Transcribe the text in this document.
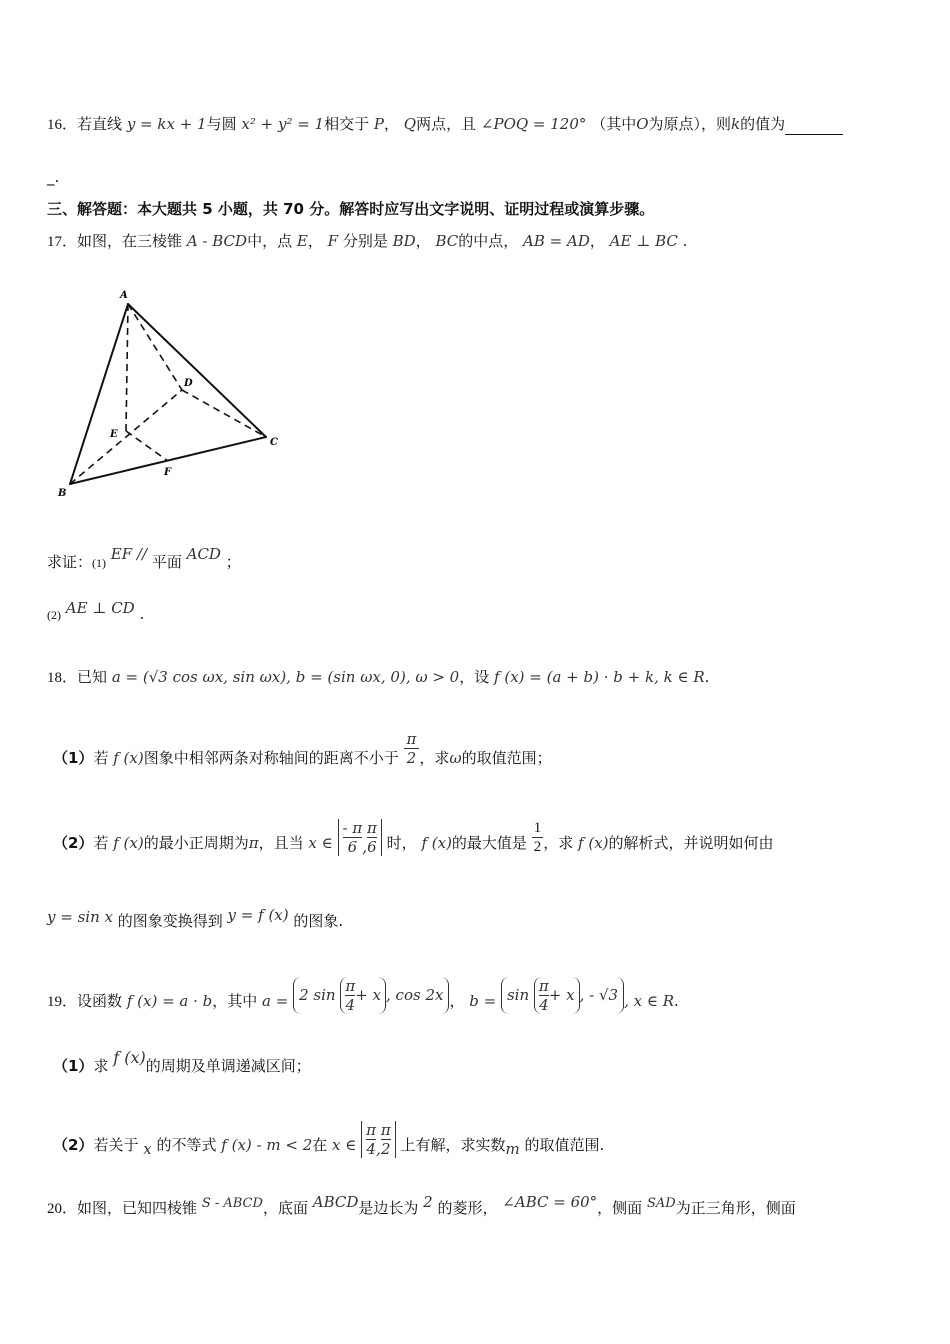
16．若直线 y = kx + 1与圆 x² + y² = 1相交于 P， Q两点，且 ∠POQ = 120° （其中O为原点），则k的值为
_.
三、解答题：本大题共 5 小题，共 70 分。解答时应写出文字说明、证明过程或演算步骤。
17．如图，在三棱锥 A - BCD中，点 E， F 分别是 BD， BC的中点， AB = AD， AE ⊥ BC .
A
D
E
C
F
B
求证：(1) EF // 平面 ACD ；
(2) AE ⊥ CD .
18．已知 a = (√3 cos ωx, sin ωx), b = (sin ωx, 0), ω > 0，设 f (x) = (a + b) · b + k, k ∈ R.
（1）若 f (x)图象中相邻两条对称轴间的距离不小于 $\frac{\pi}{2}$ ，求ω的取值范围；
（2）若 f (x)的最小正周期为π，且当 x ∈ $\frac{- \pi}{6}$ , $\frac{\pi}{6}$ 时， f (x)的最大值是 $\frac{1}{2}$ ，求 f (x)的解析式，并说明如何由
y = sin x 的图象变换得到 y = f (x) 的图象.
19．设函数 f (x) = a · b，其中 a = 2 $\sin \frac{\pi}{4} + x$ , cos 2x ， $b = \sin \frac{\pi}{4} + x$ , - √3 , x ∈ R.
（1）求 f (x)的周期及单调递减区间；
（2）若关于 x 的不等式 f (x) - m < 2在 x ∈ $\frac{\pi}{4}$ , $\frac{\pi}{2}$ 上有解，求实数m 的取值范围.
20．如图，已知四棱锥 S - ABCD，底面 ABCD是边长为 2 的菱形， ∠ABC = 60°，侧面 SAD为正三角形，侧面
